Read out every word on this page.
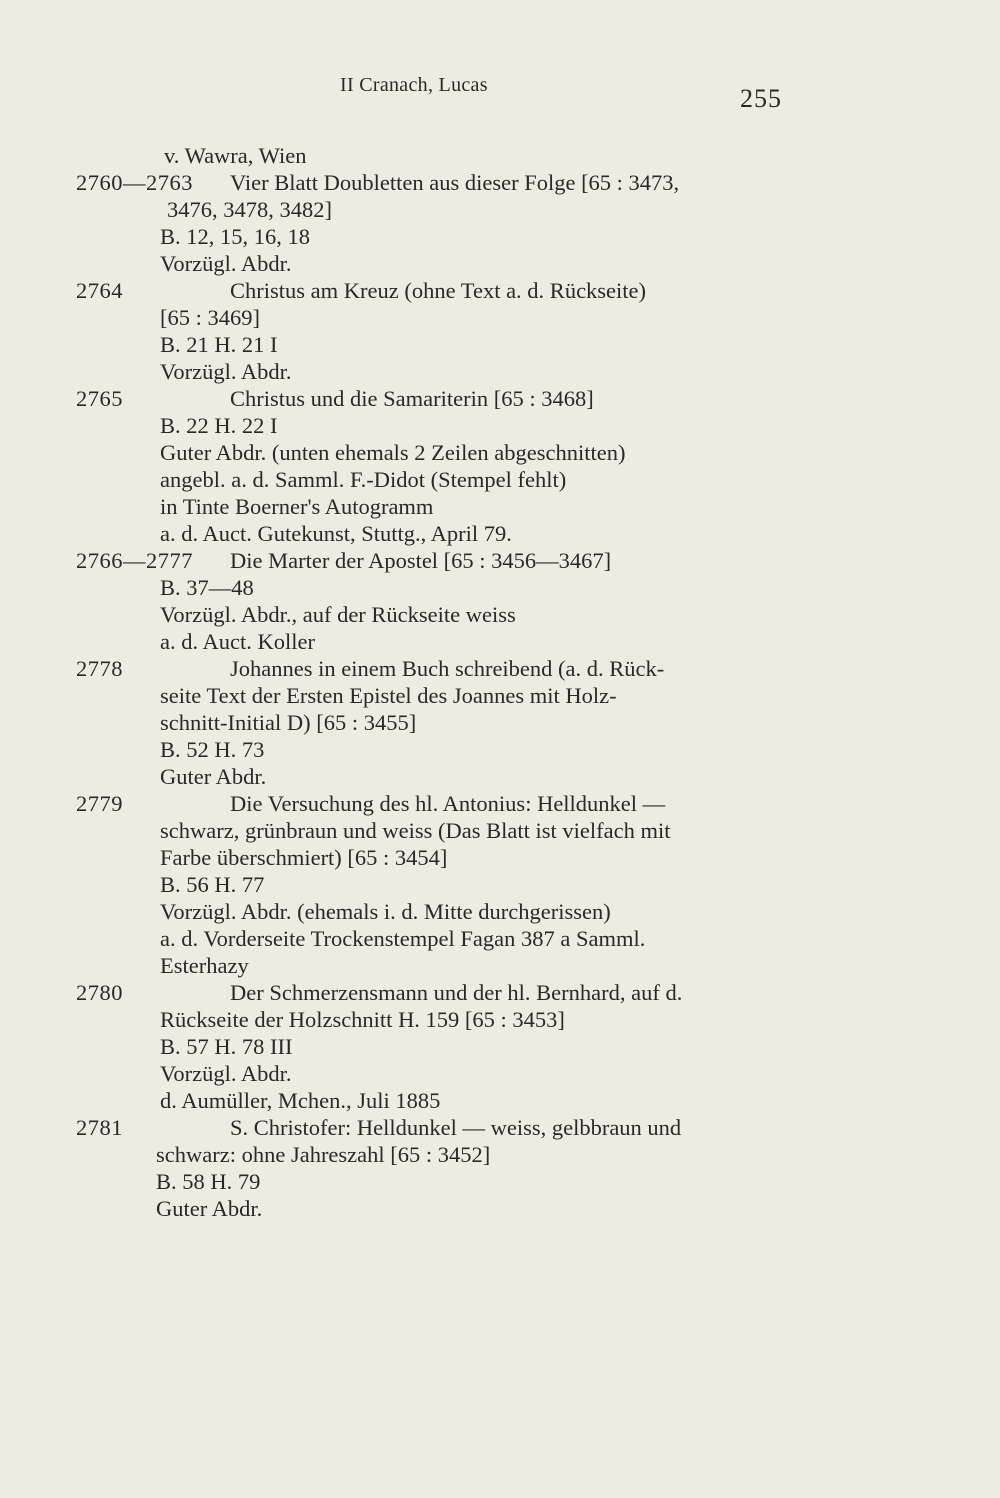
II Cranach, Lucas	255
v. Wawra, Wien
2760—2763 Vier Blatt Doubletten aus dieser Folge [65 : 3473,
3476, 3478, 3482]
B. 12, 15, 16, 18
Vorzügl. Abdr.
2764	Christus am Kreuz (ohne Text a. d. Rückseite)
[65 : 3469]
B. 21 H. 21 I
Vorzügl. Abdr.
2765	Christus und die Samariterin [65 : 3468]
B. 22 H. 22 I
Guter Abdr. (unten ehemals 2 Zeilen abgeschnitten)
angebl. a. d. Samml. F.-Didot (Stempel fehlt)
in Tinte Boerner's Autogramm
a. d. Auct. Gutekunst, Stuttg., April 79.
2766—2777 Die Marter der Apostel [65 : 3456—3467]
B. 37—48
Vorzügl. Abdr., auf der Rückseite weiss
a. d. Auct. Koller
2778	Johannes in einem Buch schreibend (a. d. Rück-
seite Text der Ersten Epistel des Joannes mit Holz-
schnitt-Initial D) [65 : 3455]
B. 52 H. 73
Guter Abdr.
2779	Die Versuchung des hl. Antonius: Helldunkel —
schwarz, grünbraun und weiss (Das Blatt ist vielfach mit
Farbe überschmiert) [65 : 3454]
B. 56 H. 77
Vorzügl. Abdr. (ehemals i. d. Mitte durchgerissen)
a. d. Vorderseite Trockenstempel Fagan 387 a Samml.
Esterhazy
2780	Der Schmerzensmann und der hl. Bernhard, auf d.
Rückseite der Holzschnitt H. 159 [65 : 3453]
B. 57 H. 78 III
Vorzügl. Abdr.
d. Aumüller, Mchen., Juli 1885
2781	S. Christofer: Helldunkel — weiss, gelbbraun und
schwarz: ohne Jahreszahl [65 : 3452]
B. 58 H. 79
Guter Abdr.
